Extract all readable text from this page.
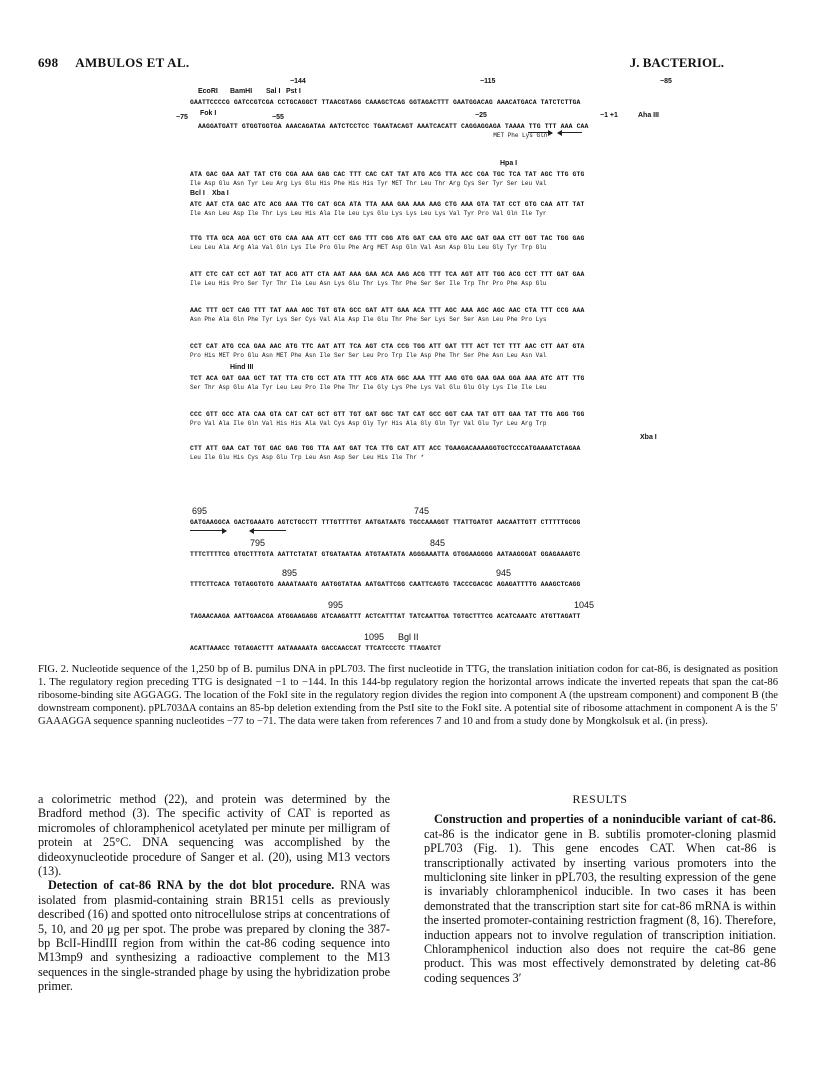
698 AMBULOS ET AL.	J. BACTERIOL.
−144	−115	−85
EcoRI BamHI Sal I Pst I
GAATTCCCCG GATCCGTCGA CCTGCAGGCT TTAACGTAGG CAAAGCTCAG GGTAGACTTT GAATGGACAG AAACATGACA TATCTCTTGA
−75
Fok I
−55	−25	−1 +1	Aha III
AAGGATGATT GTGGTGGTGA AAACAGATAA AATCTCCTCC TGAATACAGT AAATCACATT CAGGAGGAGA TAAAA TTG TTT AAA CAA
MET Phe Lys Gln
Hpa I
ATA GAC GAA AAT TAT CTG CGA AAA GAG CAC TTT CAC CAT TAT ATG ACG TTA ACC CGA TGC TCA TAT AGC TTG GTG
Ile Asp Glu Asn Tyr Leu Arg Lys Glu His Phe His His Tyr MET Thr Leu Thr Arg Cys Ser Tyr Ser Leu Val
Bcl I Xba I
ATC AAT CTA GAC ATC ACG AAA TTG CAT GCA ATA TTA AAA GAA AAA AAG CTG AAA GTA TAT CCT GTG CAA ATT TAT
Ile Asn Leu Asp Ile Thr Lys Leu His Ala Ile Leu Lys Glu Lys Lys Leu Lys Val Tyr Pro Val Gln Ile Tyr
TTG TTA GCA AGA GCT GTG CAA AAA ATT CCT GAG TTT CGG ATG GAT CAA GTG AAC GAT GAA CTT GGT TAC TGG GAG
Leu Leu Ala Arg Ala Val Gln Lys Ile Pro Glu Phe Arg MET Asp Gln Val Asn Asp Glu Leu Gly Tyr Trp Glu
ATT CTC CAT CCT AGT TAT ACG ATT CTA AAT AAA GAA ACA AAG ACG TTT TCA AGT ATT TGG ACG CCT TTT GAT GAA
Ile Leu His Pro Ser Tyr Thr Ile Leu Asn Lys Glu Thr Lys Thr Phe Ser Ser Ile Trp Thr Pro Phe Asp Glu
AAC TTT GCT CAG TTT TAT AAA AGC TGT GTA GCC GAT ATT GAA ACA TTT AGC AAA AGC AGC AAC CTA TTT CCG AAA
Asn Phe Ala Gln Phe Tyr Lys Ser Cys Val Ala Asp Ile Glu Thr Phe Ser Lys Ser Ser Asn Leu Phe Pro Lys
CCT CAT ATG CCA GAA AAC ATG TTC AAT ATT TCA AGT CTA CCG TGG ATT GAT TTT ACT TCT TTT AAC CTT AAT GTA
Pro His MET Pro Glu Asn MET Phe Asn Ile Ser Ser Leu Pro Trp Ile Asp Phe Thr Ser Phe Asn Leu Asn Val
Hind III
TCT ACA GAT GAA GCT TAT TTA CTG CCT ATA TTT ACG ATA GGC AAA TTT AAG GTG GAA GAA GGA AAA ATC ATT TTG
Ser Thr Asp Glu Ala Tyr Leu Leu Pro Ile Phe Thr Ile Gly Lys Phe Lys Val Glu Glu Gly Lys Ile Ile Leu
CCC GTT GCC ATA CAA GTA CAT CAT GCT GTT TGT GAT GGC TAT CAT GCC GGT CAA TAT GTT GAA TAT TTG AGG TGG
Pro Val Ala Ile Gln Val His His Ala Val Cys Asp Gly Tyr His Ala Gly Gln Tyr Val Glu Tyr Leu Arg Trp
Xba I
CTT ATT GAA CAT TGT GAC GAG TGG TTA AAT GAT TCA TTG CAT ATT ACC TGAAGACAAAAGGTGCTCCCATGAAAATCTAGAA
Leu Ile Glu His Cys Asp Glu Trp Leu Asn Asp Ser Leu His Ile Thr *
695	745
GATGAAGGCA GACTGAAATG AGTCTGCCTT TTTGTTTTGT AATGATAATG TGCCAAAGGT TTATTGATGT AACAATTGTT CTTTTTGCGG
795	845
TTTCTTTTCG GTGCTTTGTA AATTCTATAT GTGATAATAA ATGTAATATA AGGGAAATTA GTGGAAGGGG AATAAGGGAT GGAGAAAGTC
895	945
TTTCTTCACA TGTAGGTGTG AAAATAAATG AATGGTATAA AATGATTCGG CAATTCAGTG TACCCGACGC AGAGATTTTG AAAGCTCAGG
995	1045
TAGAACAAGA AATTGAACGA ATGGAAGAGG ATCAAGATTT ACTCATTTAT TATCAATTGA TGTGCTTTCG ACATCAAATC ATGTTAGATT
1095 Bgl II
ACATTAAACC TGTAGACTTT AATAAAAATA GACCAACCAT TTCATCCCTC TTAGATCT
FIG. 2. Nucleotide sequence of the 1,250 bp of B. pumilus DNA in pPL703. The first nucleotide in TTG, the translation initiation codon for cat-86, is designated as position 1. The regulatory region preceding TTG is designated −1 to −144. In this 144-bp regulatory region the horizontal arrows indicate the inverted repeats that span the cat-86 ribosome-binding site AGGAGG. The location of the FokI site in the regulatory region divides the region into component A (the upstream component) and component B (the downstream component). pPL703ΔA contains an 85-bp deletion extending from the PstI site to the FokI site. A potential site of ribosome attachment in component A is the 5′ GAAAGGA sequence spanning nucleotides −77 to −71. The data were taken from references 7 and 10 and from a study done by Mongkolsuk et al. (in press).

a colorimetric method (22), and protein was determined by the Bradford method (3). The specific activity of CAT is reported as micromoles of chloramphenicol acetylated per minute per milligram of protein at 25°C. DNA sequencing was accomplished by the dideoxynucleotide procedure of Sanger et al. (20), using M13 vectors (13).

Detection of cat-86 RNA by the dot blot procedure. RNA was isolated from plasmid-containing strain BR151 cells as previously described (16) and spotted onto nitrocellulose strips at concentrations of 5, 10, and 20 μg per spot. The probe was prepared by cloning the 387-bp BclI-HindIII region from within the cat-86 coding sequence into M13mp9 and synthesizing a radioactive complement to the M13 sequences in the single-stranded phage by using the hybridization probe primer.

RESULTS

Construction and properties of a noninducible variant of cat-86. cat-86 is the indicator gene in B. subtilis promoter-cloning plasmid pPL703 (Fig. 1). This gene encodes CAT. When cat-86 is transcriptionally activated by inserting various promoters into the multicloning site linker in pPL703, the resulting expression of the gene is invariably chloramphenicol inducible. In two cases it has been demonstrated that the transcription start site for cat-86 mRNA is within the inserted promoter-containing restriction fragment (8, 16). Therefore, induction appears not to involve regulation of transcription initiation. Chloramphenicol induction also does not require the cat-86 gene product. This was most effectively demonstrated by deleting cat-86 coding sequences 3′
